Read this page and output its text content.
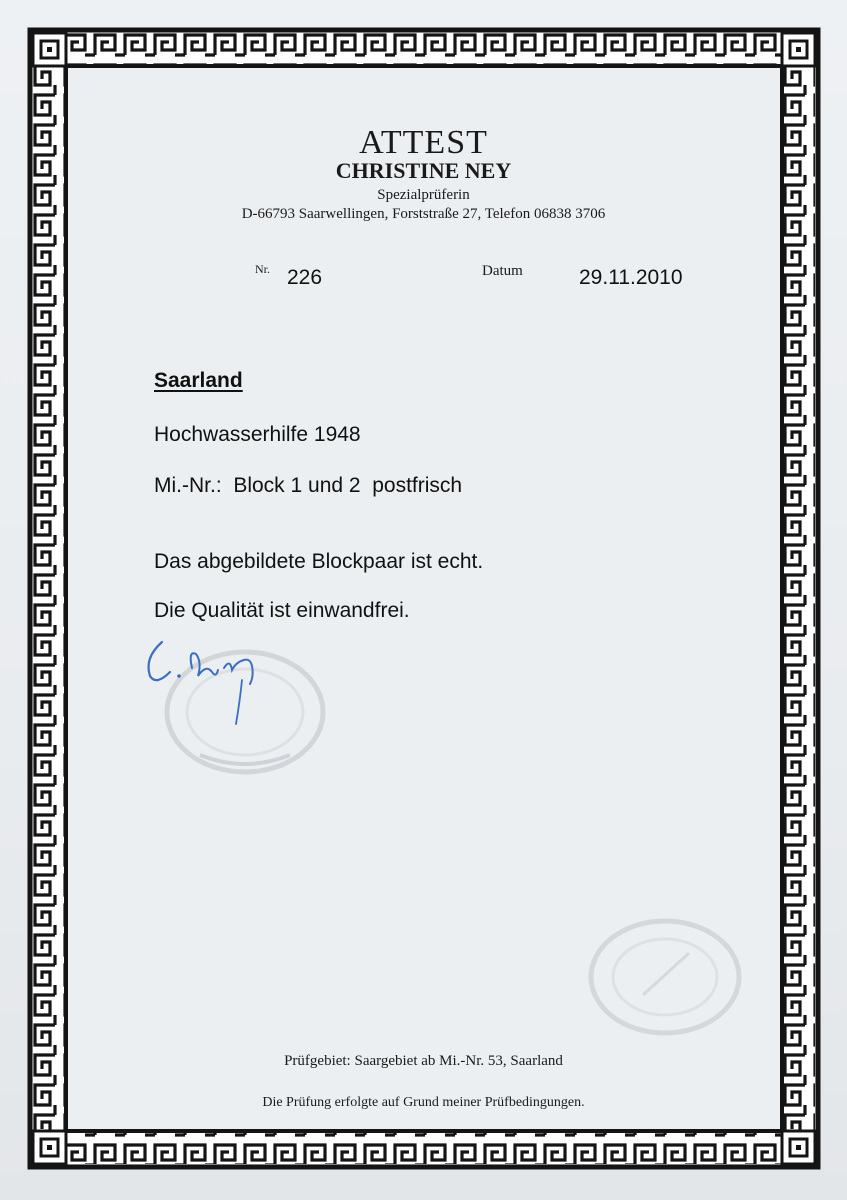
ATTEST
CHRISTINE NEY
Spezialprüferin
D-66793 Saarwellingen, Forststraße 27, Telefon 06838 3706
Nr. 226	Datum	29.11.2010
Saarland
Hochwasserhilfe 1948
Mi.-Nr.:  Block 1 und 2  postfrisch
Das abgebildete Blockpaar ist echt.
Die Qualität ist einwandfrei.
Prüfgebiet: Saargebiet ab Mi.-Nr. 53, Saarland
Die Prüfung erfolgte auf Grund meiner Prüfbedingungen.
